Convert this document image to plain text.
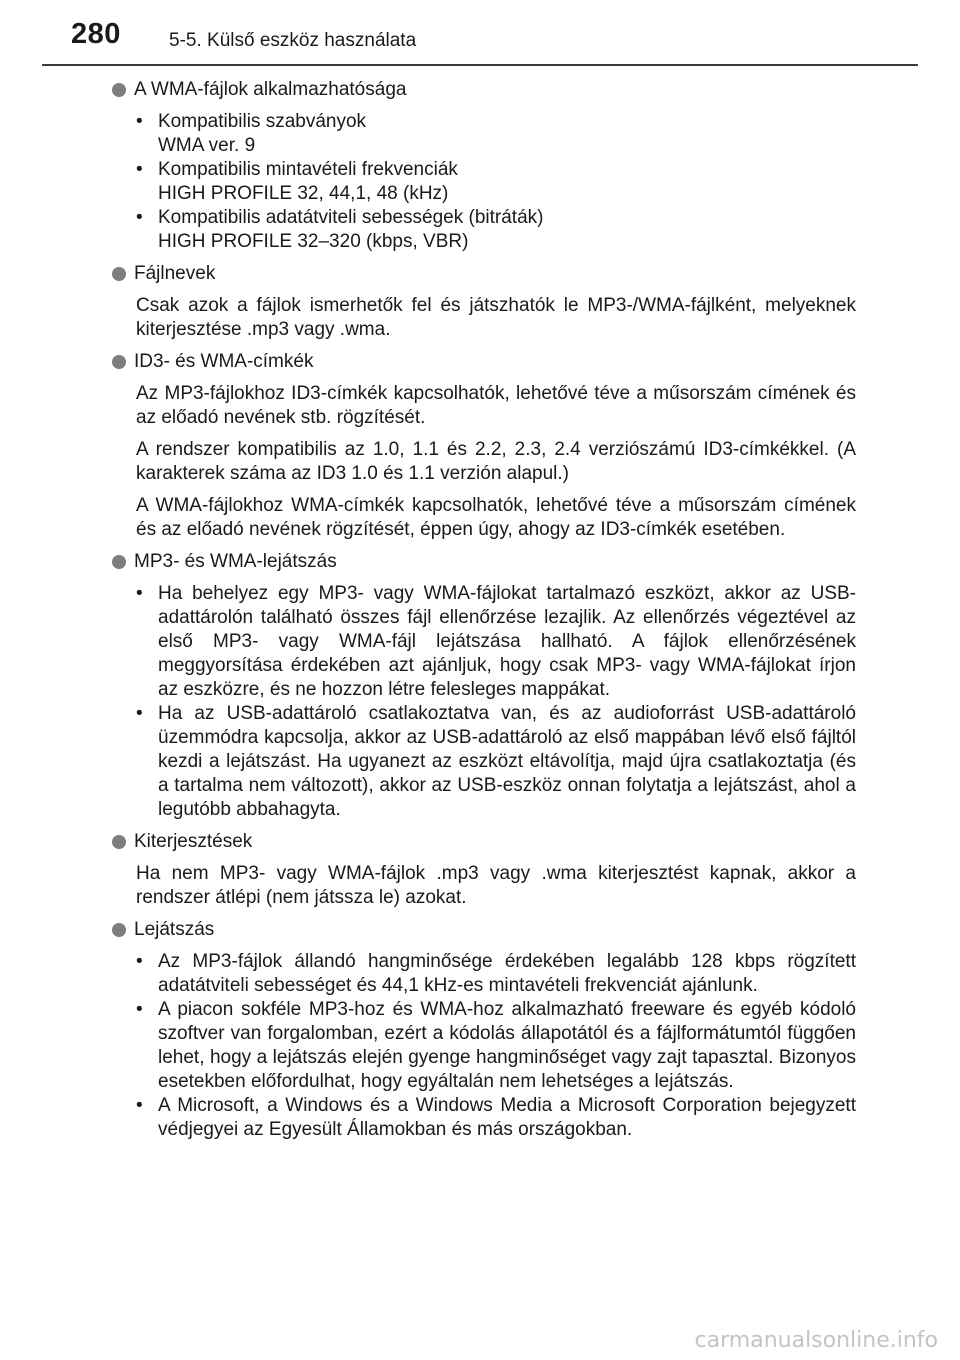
280	5-5. Külső eszköz használata
A WMA-fájlok alkalmazhatósága
• Kompatibilis szabványok
WMA ver. 9
• Kompatibilis mintavételi frekvenciák
HIGH PROFILE 32, 44,1, 48 (kHz)
• Kompatibilis adatátviteli sebességek (bitráták)
HIGH PROFILE 32–320 (kbps, VBR)
Fájlnevek
Csak azok a fájlok ismerhetők fel és játszhatók le MP3-/WMA-fájlként, melyeknek kiterjesztése .mp3 vagy .wma.
ID3- és WMA-címkék
Az MP3-fájlokhoz ID3-címkék kapcsolhatók, lehetővé téve a műsorszám címének és az előadó nevének stb. rögzítését.
A rendszer kompatibilis az 1.0, 1.1 és 2.2, 2.3, 2.4 verziószámú ID3-címkékkel. (A karakterek száma az ID3 1.0 és 1.1 verzión alapul.)
A WMA-fájlokhoz WMA-címkék kapcsolhatók, lehetővé téve a műsorszám címének és az előadó nevének rögzítését, éppen úgy, ahogy az ID3-címkék esetében.
MP3- és WMA-lejátszás
• Ha behelyez egy MP3- vagy WMA-fájlokat tartalmazó eszközt, akkor az USB-adattárolón található összes fájl ellenőrzése lezajlik. Az ellenőrzés végeztével az első MP3- vagy WMA-fájl lejátszása hallható. A fájlok ellenőrzésének meggyorsítása érdekében azt ajánljuk, hogy csak MP3- vagy WMA-fájlokat írjon az eszközre, és ne hozzon létre felesleges mappákat.
• Ha az USB-adattároló csatlakoztatva van, és az audioforrást USB-adattároló üzemmódra kapcsolja, akkor az USB-adattároló az első mappában lévő első fájltól kezdi a lejátszást. Ha ugyanezt az eszközt eltávolítja, majd újra csatlakoztatja (és a tartalma nem változott), akkor az USB-eszköz onnan folytatja a lejátszást, ahol a legutóbb abbahagyta.
Kiterjesztések
Ha nem MP3- vagy WMA-fájlok .mp3 vagy .wma kiterjesztést kapnak, akkor a rendszer átlépi (nem játssza le) azokat.
Lejátszás
• Az MP3-fájlok állandó hangminősége érdekében legalább 128 kbps rögzített adatátviteli sebességet és 44,1 kHz-es mintavételi frekvenciát ajánlunk.
• A piacon sokféle MP3-hoz és WMA-hoz alkalmazható freeware és egyéb kódoló szoftver van forgalomban, ezért a kódolás állapotától és a fájlformátumtól függően lehet, hogy a lejátszás elején gyenge hangminőséget vagy zajt tapasztal. Bizonyos esetekben előfordulhat, hogy egyáltalán nem lehetséges a lejátszás.
• A Microsoft, a Windows és a Windows Media a Microsoft Corporation bejegyzett védjegyei az Egyesült Államokban és más országokban.
carmanualsonline.info
